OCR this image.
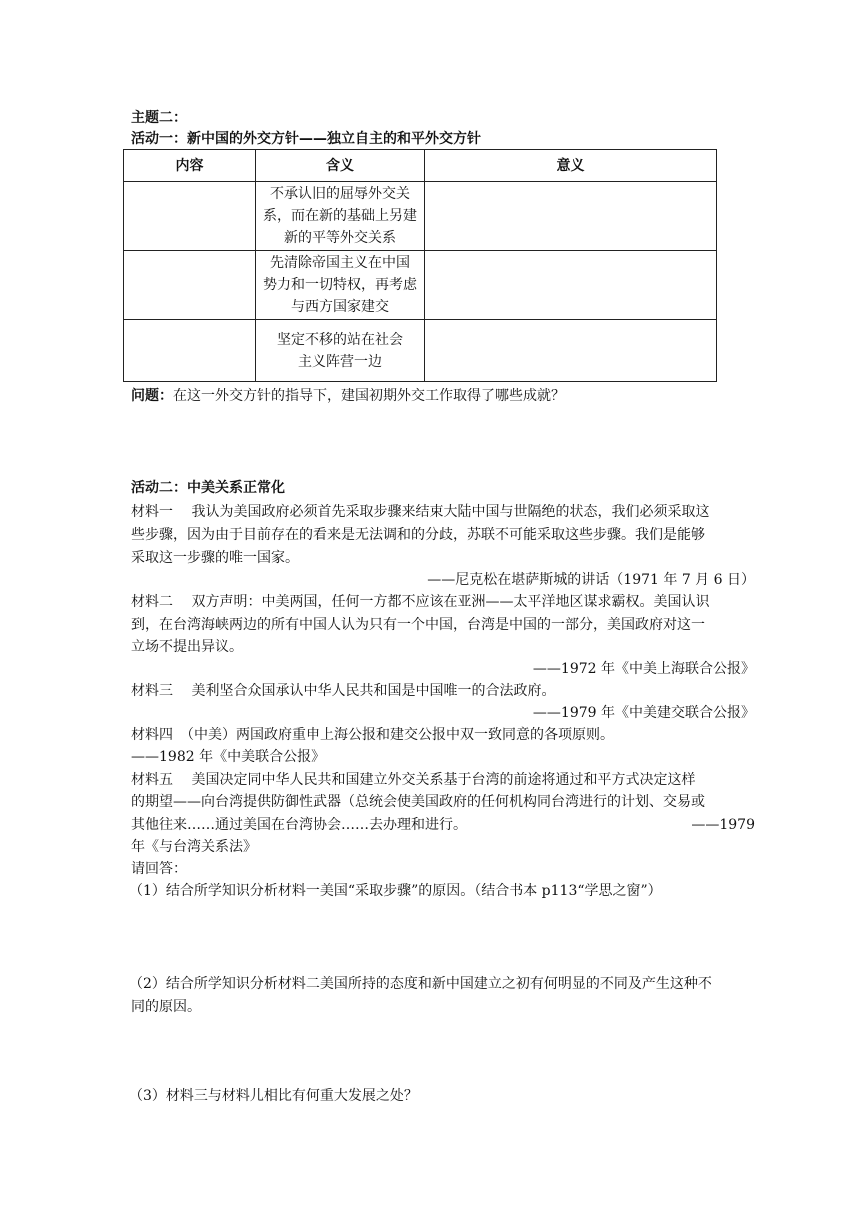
主题二：
活动一：新中国的外交方针——独立自主的和平外交方针
内容	含义	意义

	不承认旧的屈辱外交关
系，而在新的基础上另建
新的平等外交关系	

	先清除帝国主义在中国
势力和一切特权，再考虑
与西方国家建交	

	坚定不移的站在社会
主义阵营一边	

问题：在这一外交方针的指导下，建国初期外交工作取得了哪些成就？
活动二：中美关系正常化
材料一　 我认为美国政府必须首先采取步骤来结束大陆中国与世隔绝的状态，我们必须采取这
些步骤，因为由于目前存在的看来是无法调和的分歧，苏联不可能采取这些步骤。我们是能够
采取这一步骤的唯一国家。
——尼克松在堪萨斯城的讲话（1971 年 7 月 6 日）
材料二　 双方声明：中美两国，任何一方都不应该在亚洲——太平洋地区谋求霸权。美国认识
到，在台湾海峡两边的所有中国人认为只有一个中国，台湾是中国的一部分，美国政府对这一
立场不提出异议。
——1972 年《中美上海联合公报》
材料三　 美利坚合众国承认中华人民共和国是中国唯一的合法政府。
——1979 年《中美建交联合公报》
材料四　（中美）两国政府重申上海公报和建交公报中双一致同意的各项原则。
——1982 年《中美联合公报》
材料五　 美国决定同中华人民共和国建立外交关系基于台湾的前途将通过和平方式决定这样
的期望——向台湾提供防御性武器（总统会使美国政府的任何机构同台湾进行的计划、交易或
其他往来……通过美国在台湾协会……去办理和进行。	——1979
年《与台湾关系法》
请回答：
（1）结合所学知识分析材料一美国“采取步骤”的原因。（结合书本 p113“学思之窗”）
（2）结合所学知识分析材料二美国所持的态度和新中国建立之初有何明显的不同及产生这种不
同的原因。
（3）材料三与材料儿相比有何重大发展之处？
